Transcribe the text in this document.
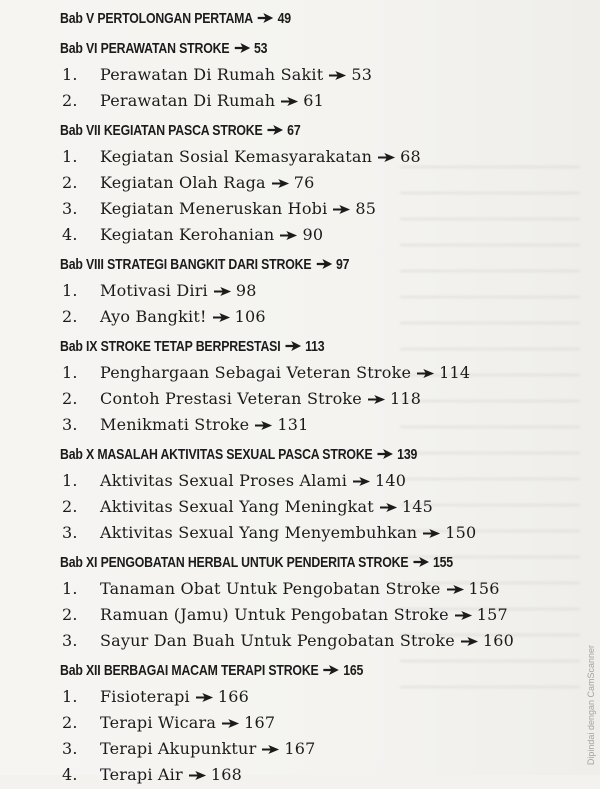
Bab V PERTOLONGAN PERTAMA 49
Bab VI PERAWATAN STROKE 53
1. Perawatan Di Rumah Sakit 53
2. Perawatan Di Rumah 61
Bab VII KEGIATAN PASCA STROKE 67
1. Kegiatan Sosial Kemasyarakatan 68
2. Kegiatan Olah Raga 76
3. Kegiatan Meneruskan Hobi 85
4. Kegiatan Kerohanian 90
Bab VIII STRATEGI BANGKIT DARI STROKE 97
1. Motivasi Diri 98
2. Ayo Bangkit! 106
Bab IX STROKE TETAP BERPRESTASI 113
1. Penghargaan Sebagai Veteran Stroke 114
2. Contoh Prestasi Veteran Stroke 118
3. Menikmati Stroke 131
Bab X MASALAH AKTIVITAS SEXUAL PASCA STROKE 139
1. Aktivitas Sexual Proses Alami 140
2. Aktivitas Sexual Yang Meningkat 145
3. Aktivitas Sexual Yang Menyembuhkan 150
Bab XI PENGOBATAN HERBAL UNTUK PENDERITA STROKE 155
1. Tanaman Obat Untuk Pengobatan Stroke 156
2. Ramuan (Jamu) Untuk Pengobatan Stroke 157
3. Sayur Dan Buah Untuk Pengobatan Stroke 160
Bab XII BERBAGAI MACAM TERAPI STROKE 165
1. Fisioterapi 166
2. Terapi Wicara 167
3. Terapi Akupunktur 167
4. Terapi Air 168
Dipindai dengan CamScanner
